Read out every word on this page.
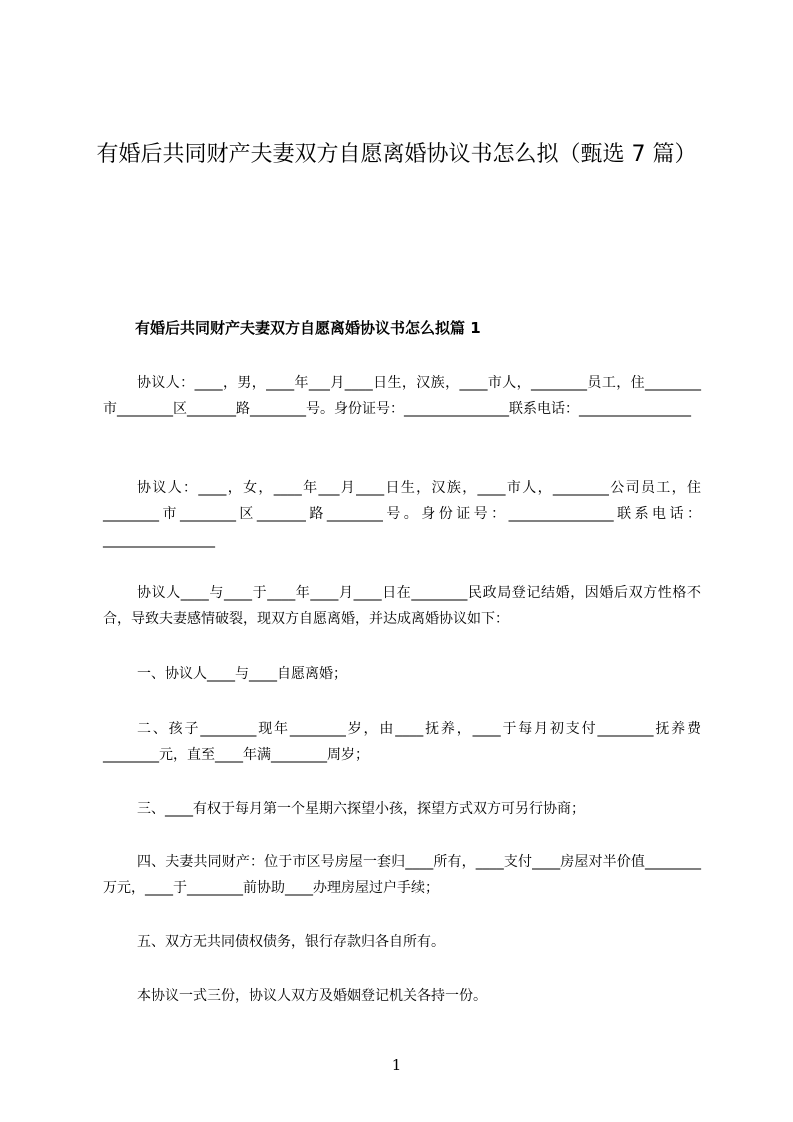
有婚后共同财产夫妻双方自愿离婚协议书怎么拟（甄选 7 篇）
有婚后共同财产夫妻双方自愿离婚协议书怎么拟篇 1

协议人：____，男，____年___月____日生，汉族，____市人，________员工，住________市________区_______路________号。身份证号：_______________联系电话：________________

协议人：____，女，____年___月____日生，汉族，____市人，________公司员工，住________市________区_______路________号。身份证号：_______________联系电话：________________

协议人____与____于____年____月____日在________民政局登记结婚，因婚后双方性格不合，导致夫妻感情破裂，现双方自愿离婚，并达成离婚协议如下：

一、协议人____与____自愿离婚；

二、孩子________现年________岁，由____抚养，____于每月初支付________抚养费________元，直至____年满________周岁；

三、____有权于每月第一个星期六探望小孩，探望方式双方可另行协商；

四、夫妻共同财产：位于市区号房屋一套归____所有，____支付____房屋对半价值________万元，____于________前协助____办理房屋过户手续；

五、双方无共同债权债务，银行存款归各自所有。

本协议一式三份，协议人双方及婚姻登记机关各持一份。

1
